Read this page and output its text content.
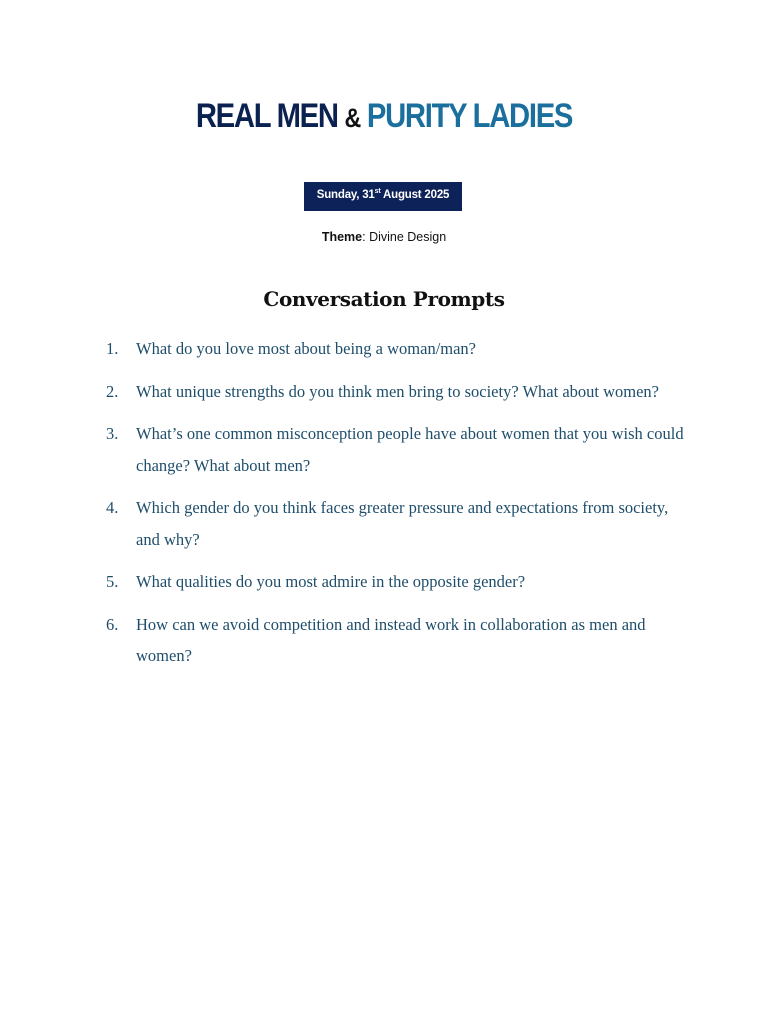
REAL MEN & PURITY LADIES
Sunday, 31st August 2025
Theme: Divine Design
Conversation Prompts
1.	What do you love most about being a woman/man?
2.	What unique strengths do you think men bring to society? What about women?
3.	What’s one common misconception people have about women that you wish could change? What about men?
4.	Which gender do you think faces greater pressure and expectations from society, and why?
5.	What qualities do you most admire in the opposite gender?
6.	How can we avoid competition and instead work in collaboration as men and women?
